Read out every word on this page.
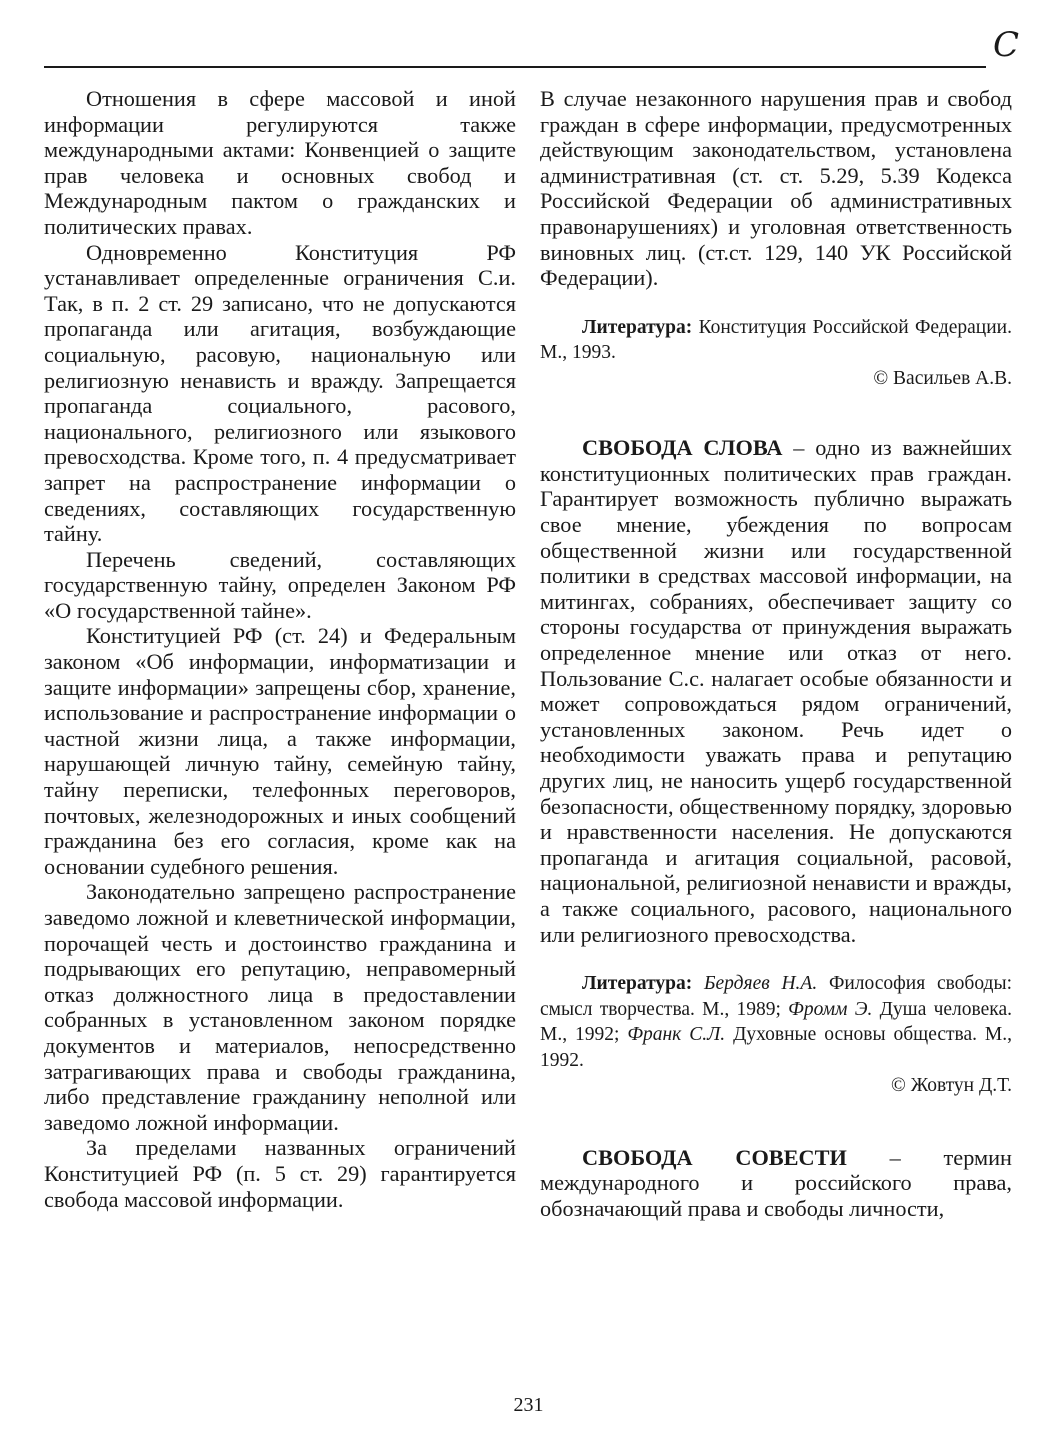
С

Отношения в сфере массовой и иной информации регулируются также международными актами: Конвенцией о защите прав человека и основных свобод и Международным пактом о гражданских и политических правах.

Одновременно Конституция РФ устанавливает определенные ограничения С.и. Так, в п. 2 ст. 29 записано, что не допускаются пропаганда или агитация, возбуждающие социальную, расовую, национальную или религиозную ненависть и вражду. Запрещается пропаганда социального, расового, национального, религиозного или языкового превосходства. Кроме того, п. 4 предусматривает запрет на распространение информации о сведениях, составляющих государственную тайну.

Перечень сведений, составляющих государственную тайну, определен Законом РФ «О государственной тайне».

Конституцией РФ (ст. 24) и Федеральным законом «Об информации, информатизации и защите информации» запрещены сбор, хранение, использование и распространение информации о частной жизни лица, а также информации, нарушающей личную тайну, семейную тайну, тайну переписки, телефонных переговоров, почтовых, железнодорожных и иных сообщений гражданина без его согласия, кроме как на основании судебного решения.

Законодательно запрещено распространение заведомо ложной и клеветнической информации, порочащей честь и достоинство гражданина и подрывающих его репутацию, неправомерный отказ должностного лица в предоставлении собранных в установленном законом порядке документов и материалов, непосредственно затрагивающих права и свободы гражданина, либо представление гражданину неполной или заведомо ложной информации.

За пределами названных ограничений Конституцией РФ (п. 5 ст. 29) гарантируется свобода массовой информации.

В случае незаконного нарушения прав и свобод граждан в сфере информации, предусмотренных действующим законодательством, установлена административная (ст. ст. 5.29, 5.39 Кодекса Российской Федерации об административных правонарушениях) и уголовная ответственность виновных лиц. (ст.ст. 129, 140 УК Российской Федерации).

Литература: Конституция Российской Федерации. М., 1993.

© Васильев А.В.

СВОБОДА СЛОВА – одно из важнейших конституционных политических прав граждан. Гарантирует возможность публично выражать свое мнение, убеждения по вопросам общественной жизни или государственной политики в средствах массовой информации, на митингах, собраниях, обеспечивает защиту со стороны государства от принуждения выражать определенное мнение или отказ от него. Пользование С.с. налагает особые обязанности и может сопровождаться рядом ограничений, установленных законом. Речь идет о необходимости уважать права и репутацию других лиц, не наносить ущерб государственной безопасности, общественному порядку, здоровью и нравственности населения. Не допускаются пропаганда и агитация социальной, расовой, национальной, религиозной ненависти и вражды, а также социального, расового, национального или религиозного превосходства.

Литература: Бердяев Н.А. Философия свободы: смысл творчества. М., 1989; Фромм Э. Душа человека. М., 1992; Франк С.Л. Духовные основы общества. М., 1992.

© Жовтун Д.Т.

СВОБОДА СОВЕСТИ – термин международного и российского права, обозначающий права и свободы личности,

231
